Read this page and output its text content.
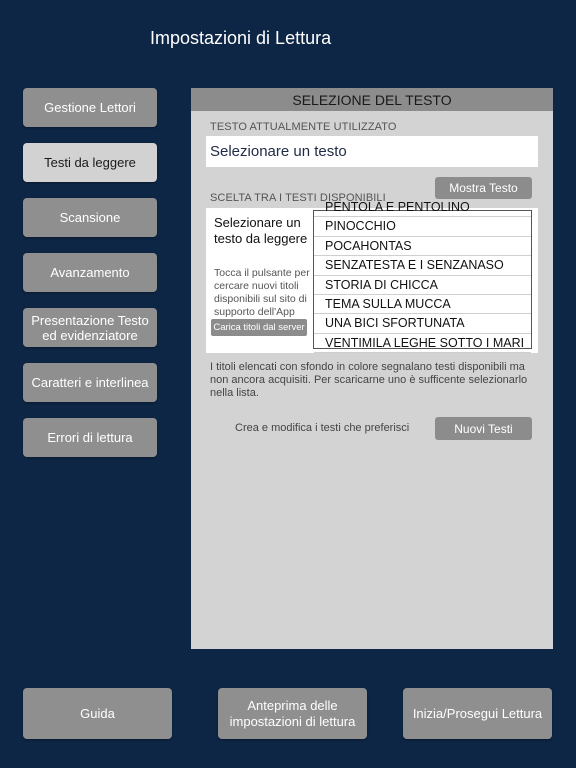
Impostazioni di Lettura
Gestione Lettori
Testi da leggere
Scansione
Avanzamento
Presentazione Testo ed evidenziatore
Caratteri e interlinea
Errori di lettura
SELEZIONE DEL TESTO
TESTO ATTUALMENTE UTILIZZATO
Selezionare un testo
Mostra Testo
SCELTA TRA I TESTI DISPONIBILI
Selezionare un testo da leggere
Tocca il pulsante per cercare nuovi titoli disponibili sul sito di supporto dell'App
Carica titoli dal server
PENTOLA E PENTOLINO
PINOCCHIO
POCAHONTAS
SENZATESTA E I SENZANASO
STORIA DI CHICCA
TEMA SULLA MUCCA
UNA BICI SFORTUNATA
VENTIMILA LEGHE SOTTO I MARI
I titoli elencati con sfondo in colore segnalano testi disponibili ma non ancora acquisiti. Per scaricarne uno è sufficente selezionarlo nella lista.
Crea e modifica i testi che preferisci	Nuovi Testi
Guida
Anteprima delle impostazioni di lettura
Inizia/Prosegui Lettura
